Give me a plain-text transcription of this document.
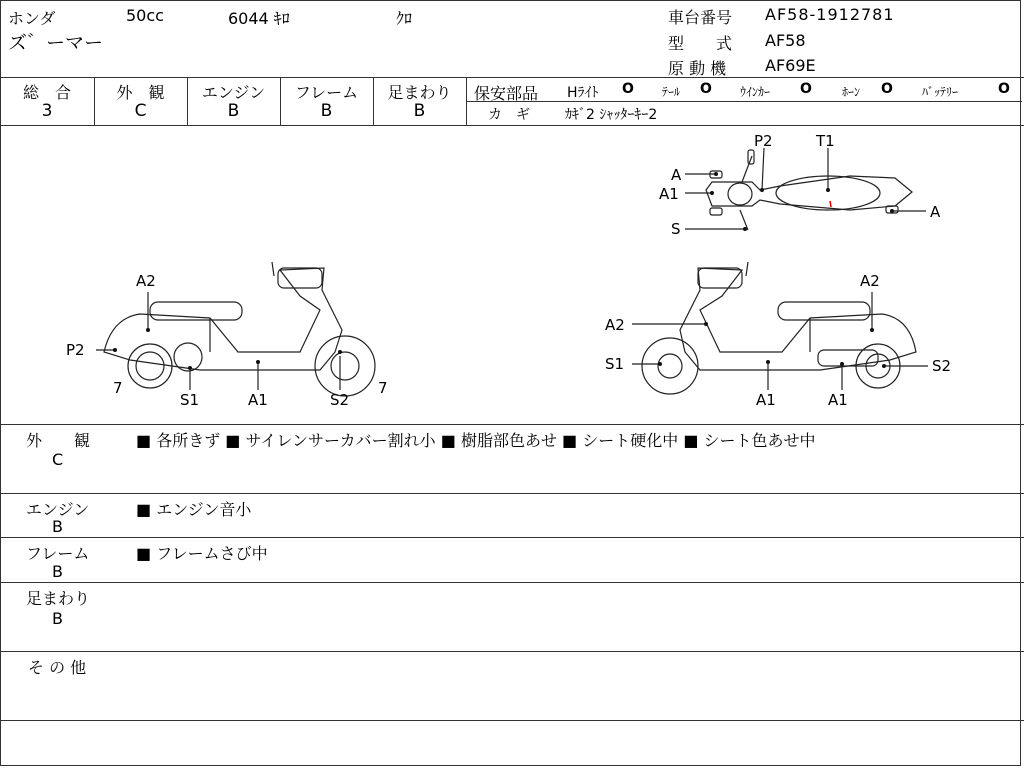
ホンダ	50cc	6044 ｷﾛ	ｸﾛ
ズ゛ーマー
車台番号 AF58-1912781
型　　式 AF58
原 動 機 AF69E
総　合	外　観	エンジン	フレーム	足まわり
3	C	B	B	B
保安部品 Hﾗｲﾄ O ﾃｰﾙ O ｳｲﾝｶｰ O	ﾎｰﾝ O ﾊﾞｯﾃﾘｰ	O
カ　ギ	ｶｷﾞ2 ｼｬｯﾀｰｷｰ2
A
A1
S
P2	T1
A
A2
P2
7
S1	A1	S2
7
A2
A2
S1
A1	A1
S2
外　　観
C
■ 各所きず ■ サイレンサーカバー割れ小 ■ 樹脂部色あせ ■ シート硬化中 ■ シート色あせ中
エンジン
B
■ エンジン音小
フレーム
B
■ フレームさび中
足まわり
B
そ の 他
